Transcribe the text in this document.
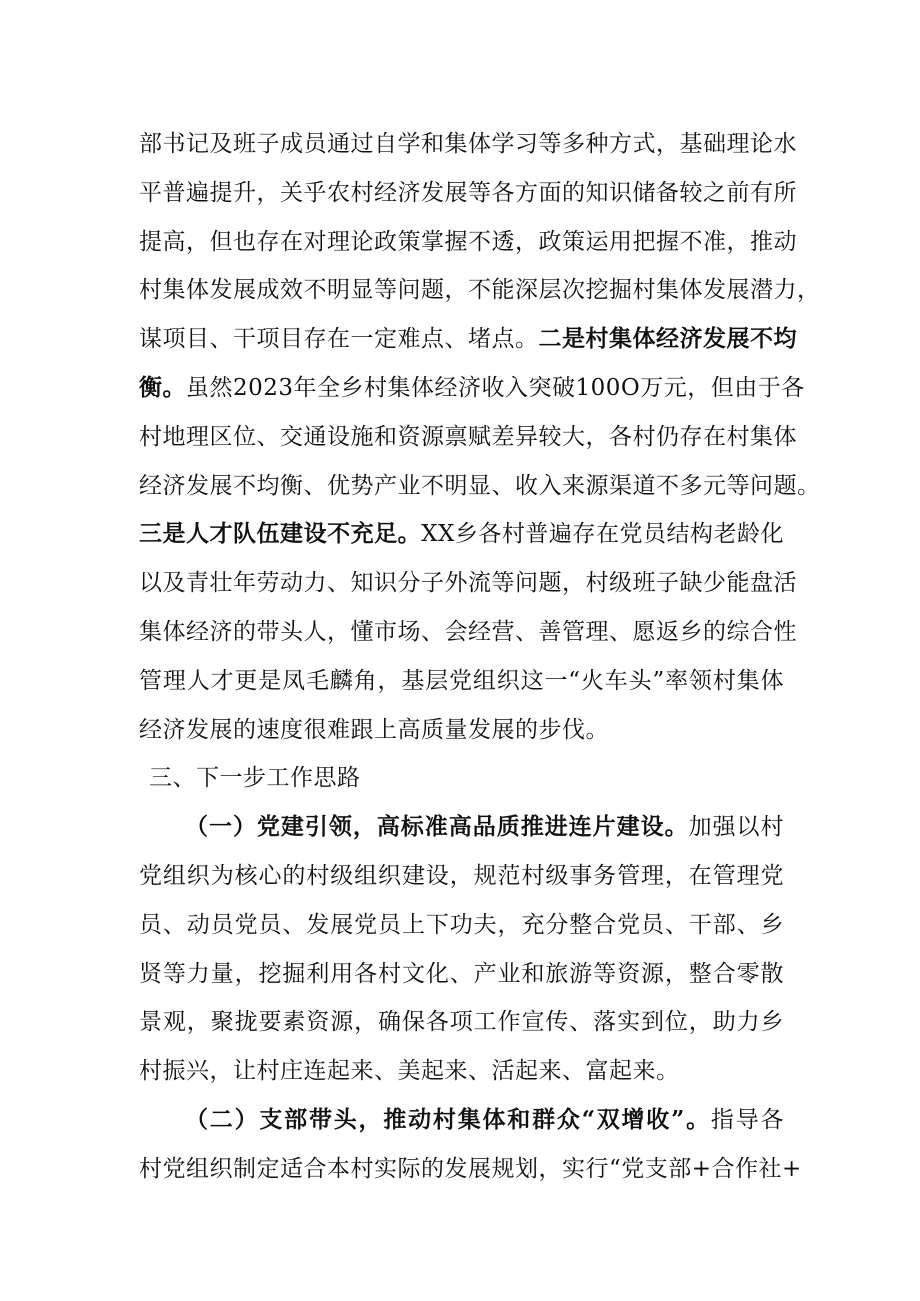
部书记及班子成员通过自学和集体学习等多种方式，基础理论水
平普遍提升，关乎农村经济发展等各方面的知识储备较之前有所
提高，但也存在对理论政策掌握不透，政策运用把握不准，推动
村集体发展成效不明显等问题，不能深层次挖掘村集体发展潜力，
谋项目、干项目存在一定难点、堵点。二是村集体经济发展不均
衡。虽然2023年全乡村集体经济收入突破100O万元，但由于各
村地理区位、交通设施和资源禀赋差异较大，各村仍存在村集体
经济发展不均衡、优势产业不明显、收入来源渠道不多元等问题。
三是人才队伍建设不充足。XX乡各村普遍存在党员结构老龄化
以及青壮年劳动力、知识分子外流等问题，村级班子缺少能盘活
集体经济的带头人，懂市场、会经营、善管理、愿返乡的综合性
管理人才更是凤毛麟角，基层党组织这一“火车头”率领村集体
经济发展的速度很难跟上高质量发展的步伐。
三、下一步工作思路
（一）党建引领，高标准高品质推进连片建设。加强以村
党组织为核心的村级组织建设，规范村级事务管理，在管理党
员、动员党员、发展党员上下功夫，充分整合党员、干部、乡
贤等力量，挖掘利用各村文化、产业和旅游等资源，整合零散
景观，聚拢要素资源，确保各项工作宣传、落实到位，助力乡
村振兴，让村庄连起来、美起来、活起来、富起来。
（二）支部带头，推动村集体和群众“双增收”。指导各
村党组织制定适合本村实际的发展规划，实行“党支部+合作社+
